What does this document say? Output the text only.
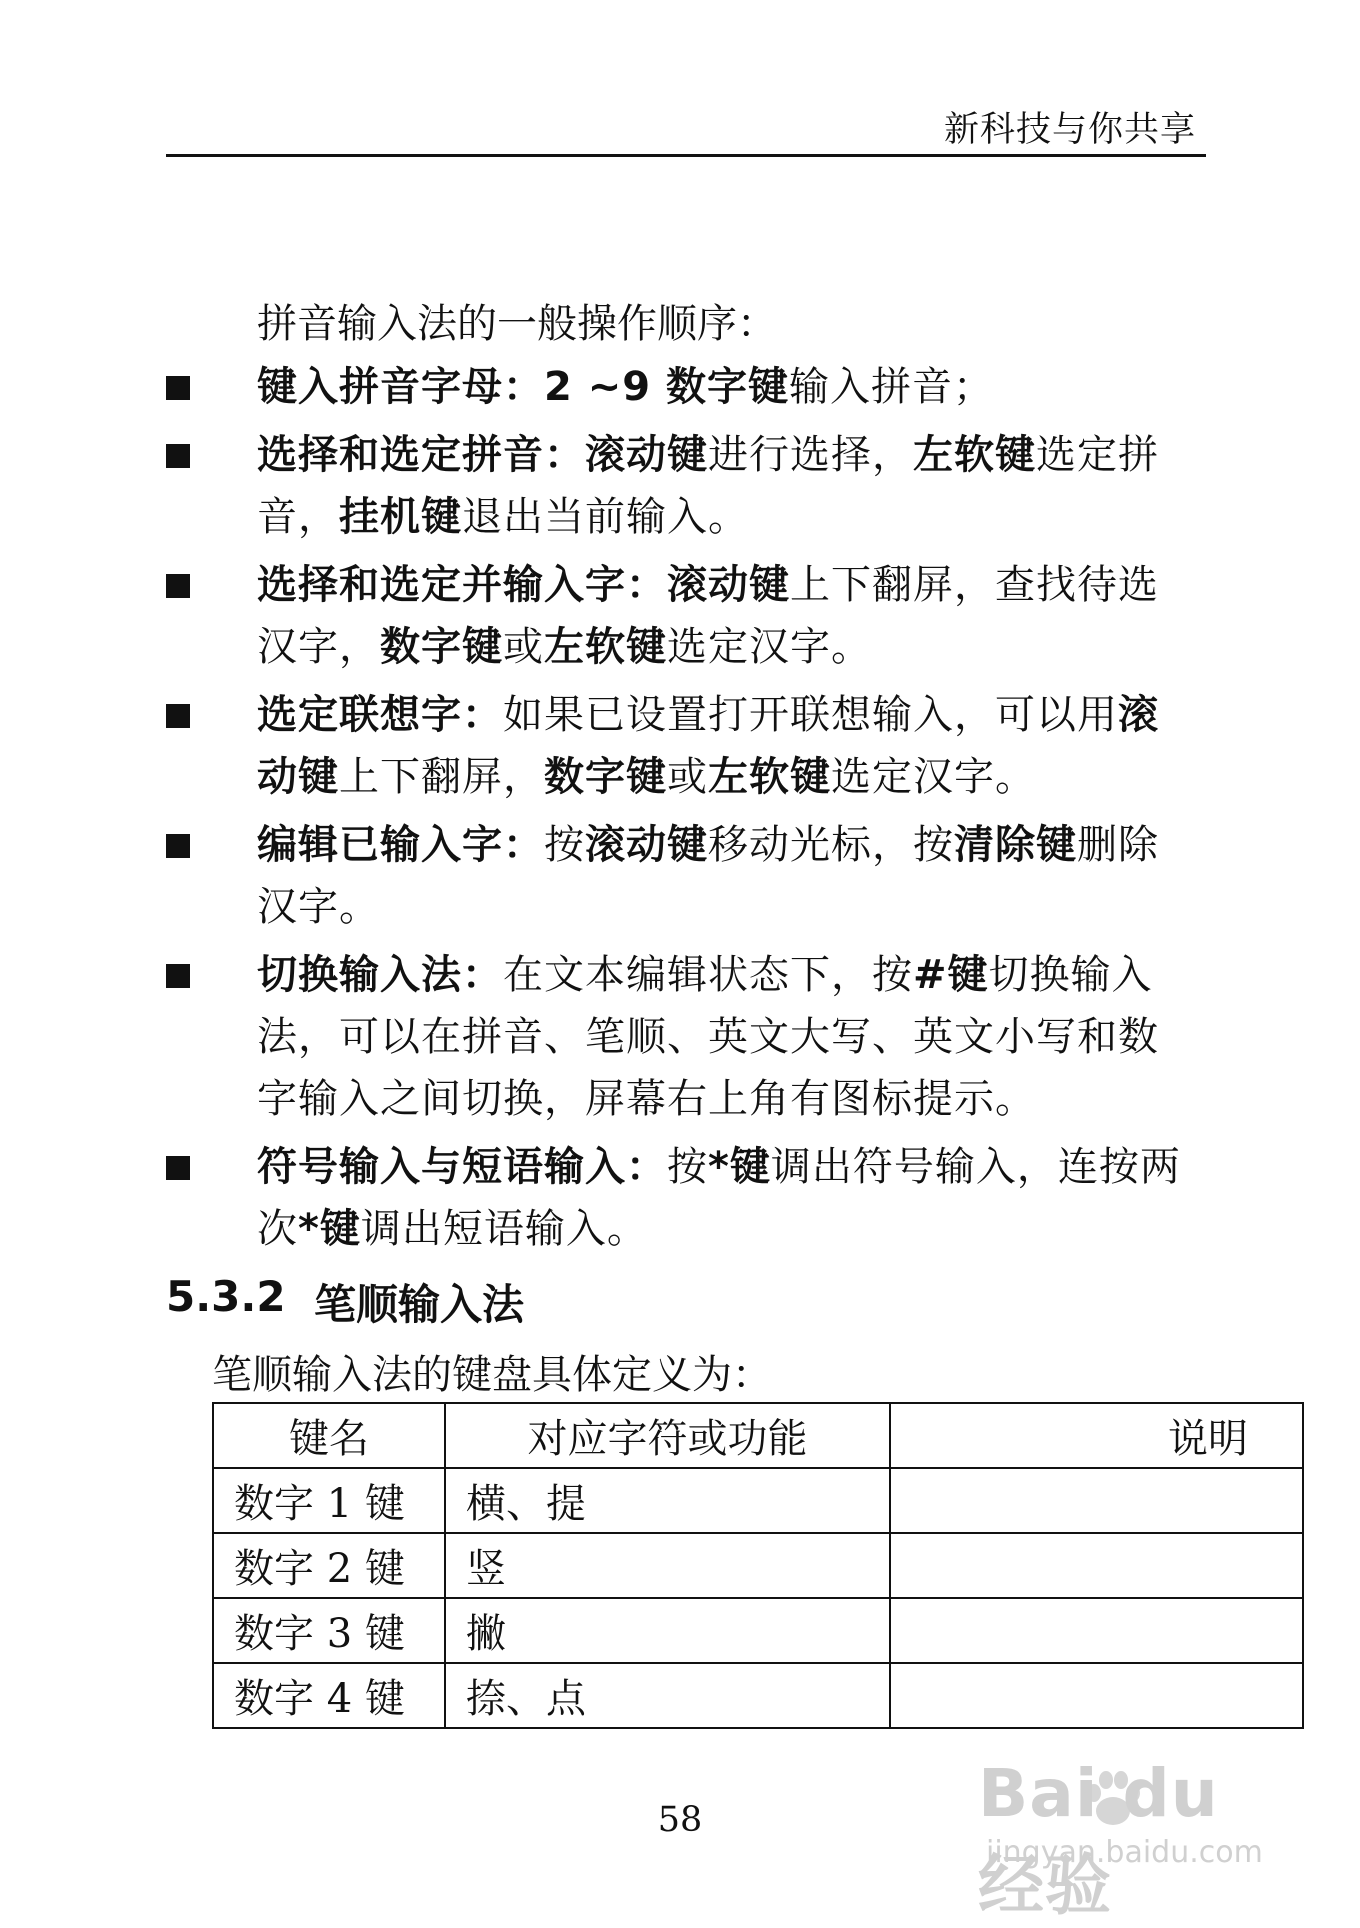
新科技与你共享
拼音输入法的一般操作顺序：
键入拼音字母：2 ~9 数字键输入拼音；
选择和选定拼音：滚动键进行选择，左软键选定拼音，挂机键退出当前输入。
选择和选定并输入字：滚动键上下翻屏，查找待选汉字，数字键或左软键选定汉字。
选定联想字：如果已设置打开联想输入，可以用滚动键上下翻屏，数字键或左软键选定汉字。
编辑已输入字：按滚动键移动光标，按清除键删除汉字。
切换输入法：在文本编辑状态下，按#键切换输入法，可以在拼音、笔顺、英文大写、英文小写和数字输入之间切换，屏幕右上角有图标提示。
符号输入与短语输入：按*键调出符号输入，连按两次*键调出短语输入。
5.3.2 笔顺输入法
笔顺输入法的键盘具体定义为：
键名	对应字符或功能	说明
数字 1 键	横、提	
数字 2 键	竖	
数字 3 键	撇	
数字 4 键	捺、点	
58	Bai du 经验
jingyan.baidu.com
